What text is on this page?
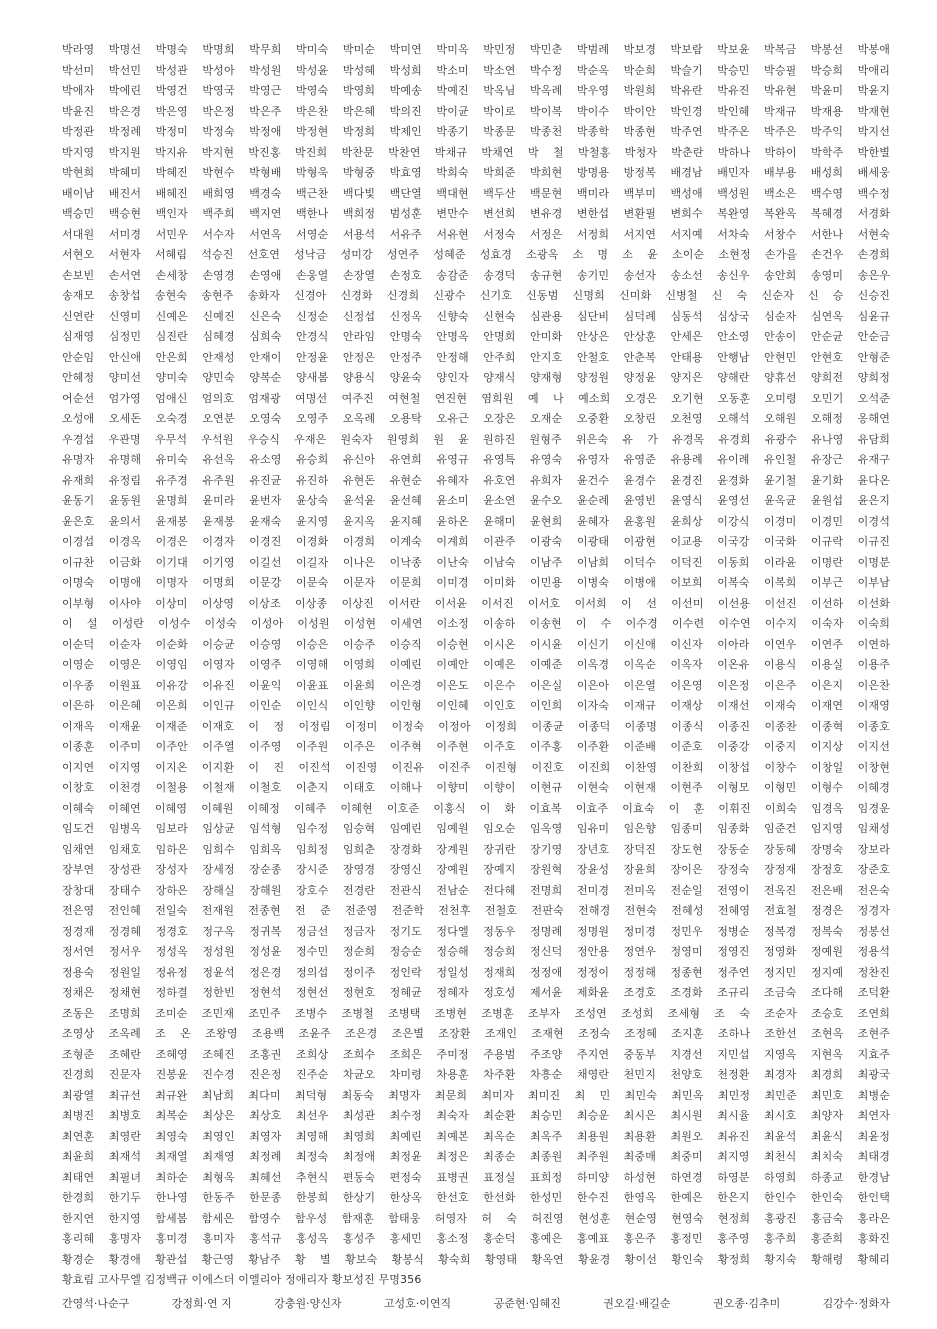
박라영 박명선 박명숙 박명희 박무희 박미숙 박미순 박미연 박미옥 박민정 박민춘 박범례 박보경 박보람 박보윤 박복금 박봉선 박봉애
박선미 박선민 박성관 박성아 박성원 박성윤 박성혜 박성희 박소미 박소연 박수정 박순옥 박순희 박슬기 박승민 박승필 박승희 박애리
박애자 박에린 박영건 박영국 박영근 박영숙 박영희 박예송 박예진 박옥님 박옥례 박우영 박원희 박유란 박유진 박유현 박윤미 박윤지
박윤진 박은경 박은영 박은정 박은주 박은찬 박은혜 박의진 박이균 박이로 박이복 박이수 박이안 박인경 박인혜 박재규 박재용 박재현
박정관 박정례 박정미 박정숙 박정애 박정현 박정희 박제인 박종기 박종문 박종천 박종학 박종현 박주연 박주온 박주은 박주익 박지선
박지영 박지원 박지유 박지현 박진홍 박진희 박찬문 박찬연 박채규 박채연 박 철 박철홍 박청자 박춘란 박하나 박하이 박학주 박한별
박현희 박혜미 박혜진 박현수 박형배 박형욱 박형중 박효영 박희숙 박희준 박희현 방명용 방정복 배경남 배민자 배부용 배성희 배세웅
배이남 배진서 배혜진 배희영 백경숙 백근찬 백다빛 백단열 백대현 백두산 백문현 백미라 백부미 백성애 백성원 백소은 백수영 백수정
백승민 백승현 백인자 백주희 백지연 백한나 백희정 범성훈 변만수 변선희 변유경 변한섭 변환필 변희수 복완영 복완옥 복혜경 서경화
서대원 서미경 서민우 서수자 서연옥 서영순 서용석 서유주 서유현 서정숙 서정은 서정희 서지연 서지예 서차숙 서창수 서한나 서현숙
서현오 서현자 서혜림 석승진 선호연 성낙금 성미강 성연주 성혜준 성효경 소광옥 소 명 소 윤 소이순 소현정 손가을 손건우 손경희
손보빈 손서연 손세창 손영경 손영애 손웅열 손장열 손정호 송감준 송경덕 송규현 송기민 송선자 송소선 송신우 송안희 송영미 송은우
송재모 송창섭 송현숙 송현주 송화자 신경아 신경화 신경희 신광수 신기호 신동범 신명희 신미화 신병철 신 숙 신순자 신 승 신승진
신연란 신영미 신예은 신예진 신은숙 신정순 신정섭 신정옥 신향숙 신현숙 심관용 심단비 심덕례 심동석 심상국 심순자 심연옥 심윤규
심재영 심정민 심진란 심혜경 심희숙 안경식 안라임 안명숙 안명옥 안명희 안미화 안상은 안상훈 안세은 안소영 안송이 안순균 안순금
안순임 안신애 안은희 안재성 안재이 안정윤 안정은 안정주 안정해 안주희 안지호 안철호 안춘복 안태용 안행남 안현민 안현호 안형준
안혜정 양미선 양미숙 양민숙 양복순 양새봄 양용식 양윤숙 양인자 양재식 양재형 양정원 양정윤 양지은 양해란 양휴선 양희전 양희정
어순선 엄가영 엄애신 엄의호 엄재광 여명선 여주진 여현철 연진현 염희원 예 나 예소희 오경은 오기현 오동훈 오미령 오민기 오석준
오성애 오세돈 오숙경 오연분 오영숙 오영주 오옥례 오용탁 오유근 오장은 오재순 오중환 오창린 오천영 오해석 오해원 오해정 옹해연
우경섭 우관명 우무석 우석원 우승식 우재은 원숙자 원영희 원 윤 원하진 원형주 위은숙 유 가 유경목 유경희 유광수 유나영 유담희
유명자 유명해 유미숙 유선옥 유소영 유승희 유신아 유연희 유영규 유영특 유영숙 유영자 유영준 유용례 유이례 유인철 유장근 유재구
유재희 유정림 유주경 유주원 유진균 유진하 유현돈 유현순 유혜자 유호연 유희자 윤건수 윤경수 윤경진 윤경화 윤기철 윤기화 윤다온
윤동기 윤동원 윤명희 윤미라 윤번자 윤상숙 윤석윤 윤선혜 윤소미 윤소연 윤수오 윤순례 윤영빈 윤영식 윤영선 윤옥균 윤원섭 윤은지
윤은호 윤의서 윤재봉 윤재봉 윤재숙 윤지영 윤지옥 윤지혜 윤하온 윤해미 윤현희 윤혜자 윤홍원 윤희상 이강식 이경미 이경민 이경석
이경섭 이경옥 이경은 이경자 이경진 이경화 이경희 이계숙 이계희 이관주 이광숙 이광태 이광현 이교용 이국강 이국화 이규락 이규진
이규찬 이금화 이기대 이기영 이길선 이길자 이나은 이낙종 이난숙 이남숙 이남주 이남희 이덕수 이덕진 이동희 이라윤 이명란 이명분
이명숙 이명애 이명자 이명희 이문강 이문숙 이문자 이문희 이미경 이미화 이민용 이병숙 이병애 이보희 이복숙 이복희 이부근 이부남
이부형 이사야 이상미 이상영 이상조 이상종 이상진 이서란 이서윤 이서진 이서호 이서희 이 선 이선미 이선용 이선진 이선하 이선화
이 설 이성란 이성수 이성숙 이성아 이성원 이성현 이세연 이소정 이송하 이송현 이 수 이수경 이수련 이수연 이수지 이숙자 이숙희
이순덕 이순자 이순화 이승균 이승영 이승은 이승주 이승직 이승현 이시온 이시윤 이신기 이신애 이신자 이아라 이연우 이연주 이연하
이영순 이영은 이영임 이영자 이영주 이영해 이영희 이예린 이예안 이예은 이예준 이옥경 이옥순 이옥자 이온유 이용식 이용실 이용주
이우종 이원표 이유강 이유진 이윤익 이윤표 이윤희 이은경 이은도 이은수 이은실 이은아 이은열 이은영 이은정 이은주 이은지 이은찬
이은하 이은혜 이은희 이인규 이인순 이인식 이인향 이인형 이인혜 이인호 이인희 이자숙 이재규 이재상 이재선 이재숙 이재연 이재영
이재옥 이재윤 이재준 이재호 이 정 이정림 이정미 이정숙 이정아 이정희 이종균 이종덕 이종명 이종식 이종진 이종찬 이종혁 이종호
이종훈 이주미 이주안 이주열 이주영 이주원 이주은 이주혁 이주현 이주호 이주홍 이주환 이준배 이준호 이중강 이중지 이지상 이지선
이지연 이지영 이지온 이지환 이 진 이진석 이진영 이진유 이진주 이진형 이진호 이진희 이찬영 이찬희 이창섭 이창수 이창일 이창현
이창호 이천경 이철용 이철재 이철호 이춘지 이태호 이해나 이향미 이향이 이현규 이현숙 이현재 이현주 이형모 이형민 이형수 이혜경
이혜숙 이혜연 이혜영 이혜원 이혜정 이혜주 이혜현 이호준 이홍식 이 화 이효복 이효주 이효숙 이 훈 이휘진 이희숙 임경옥 임경운
임도건 임병옥 임보라 임상균 임석형 임수정 임승혁 임예린 임예원 임오순 임옥영 임유미 임은향 임종미 임종화 임준건 임지영 임채성
임채연 임채호 임하은 임희수 임희옥 임희정 임희춘 장경화 장계원 장귀란 장기영 장년호 장덕진 장도현 장동순 장동혜 장명숙 장보라
장부연 장성관 장성자 장세정 장순종 장시준 장영경 장영신 장예원 장예지 장원혁 장윤성 장윤희 장이은 장정숙 장정재 장정호 장준호
장창대 장태수 장하은 장해실 장해원 장호수 전경란 전관식 전남순 전다혜 전명희 전미경 전미옥 전순일 전영이 전옥진 전은배 전은숙
전은영 전인혜 전일숙 전재원 전종현 전 준 전준영 전준학 전천후 전철호 전판숙 전해경 전현숙 전혜성 전혜영 전효철 정경은 정경자
정경재 정경혜 정경호 정구옥 정귀복 정금선 정금자 정기도 정다엘 정동우 정명례 정명원 정미경 정민우 정병순 정복경 정복숙 정봉선
정서연 정서우 정성옥 정성원 정성윤 정수민 정순희 정승순 정승해 정승희 정신덕 정안용 정연우 정영미 정영진 정영화 정예원 정용석
정용숙 정원일 정유정 정윤석 정은경 정의섭 정이주 정인락 정일성 정재희 정정애 정정이 정정해 정종현 정주연 정지민 정지예 정찬진
정채은 정채현 정하결 정한빈 정현석 정현선 정현호 정혜균 정혜자 정호성 제서윤 제화윤 조경호 조경화 조규리 조금숙 조다해 조덕환
조동은 조명희 조미순 조민재 조민주 조병수 조병철 조병택 조병현 조병훈 조부자 조성연 조성희 조세형 조 숙 조순자 조승호 조연희
조영상 조옥례 조 온 조왕영 조용백 조윤주 조은경 조은별 조장환 조재인 조재현 조정숙 조정혜 조지훈 조하나 조한선 조현옥 조현주
조형준 조혜란 조혜영 조혜진 조홍권 조희상 조희수 조희은 주미정 주용범 주조양 주지연 중동부 지경선 지민섭 지영옥 지현옥 지효주
진경희 진문자 진봉윤 진수경 진은정 진주순 차균오 차미령 차용훈 차주환 차흥순 채영란 천민지 천양호 천정환 최경자 최경희 최광국
최광열 최규선 최규완 최남희 최다미 최덕형 최동숙 최명자 최문희 최미자 최미진 최 민 최민숙 최민옥 최민정 최민준 최민호 최병순
최병진 최병호 최복순 최상은 최상호 최선우 최성관 최수정 최숙자 최순환 최승민 최승운 최시은 최시원 최시율 최시호 최양자 최연자
최연훈 최영란 최영숙 최영인 최영자 최영해 최영희 최예린 최예본 최옥순 최옥주 최용원 최용환 최원오 최유진 최윤석 최윤식 최윤정
최윤희 최재석 최재열 최재영 최정례 최정숙 최정애 최정윤 최정은 최종순 최종원 최주원 최중매 최중미 최지영 최천식 최치숙 최태경
최태연 최필녀 최하순 최형옥 최혜선 추현식 편동숙 편정숙 표병권 표정실 표희정 하미양 하성현 하연경 하영분 하영희 하종교 한경남
한경희 한기두 한나영 한동주 한문종 한봉희 한상기 한상옥 한선호 한선화 한성민 한수진 한영옥 한예은 한은지 한인수 한인숙 한인택
한지연 한지영 함세봄 함세은 함영수 함우성 함재훈 함태웅 허영자 허 숙 허진영 현성훈 현순영 현영숙 현정희 홍광진 홍금숙 홍라은
홍리혜 홍명자 홍미경 홍미자 홍석규 홍성옥 홍성주 홍세민 홍소정 홍순덕 홍예은 홍예표 홍은주 홍정민 홍주영 홍주희 홍준희 홍화진
황경순 황경애 황관섭 황근영 황남주 황 별 황보숙 황봉식 황숙희 황영태 황옥연 황윤경 황이선 황인숙 황정희 황지숙 황해령 황혜리
황효림 고사무엘 김정백규 이에스더 이엘리아 정애리자 황보성진 무명356
간영석·나순구	강정희·연 지	강충원·양신자	고성호·이연직	공준현·임혜진	권오길·배길순	권오종·김추미	김강수·정화자
